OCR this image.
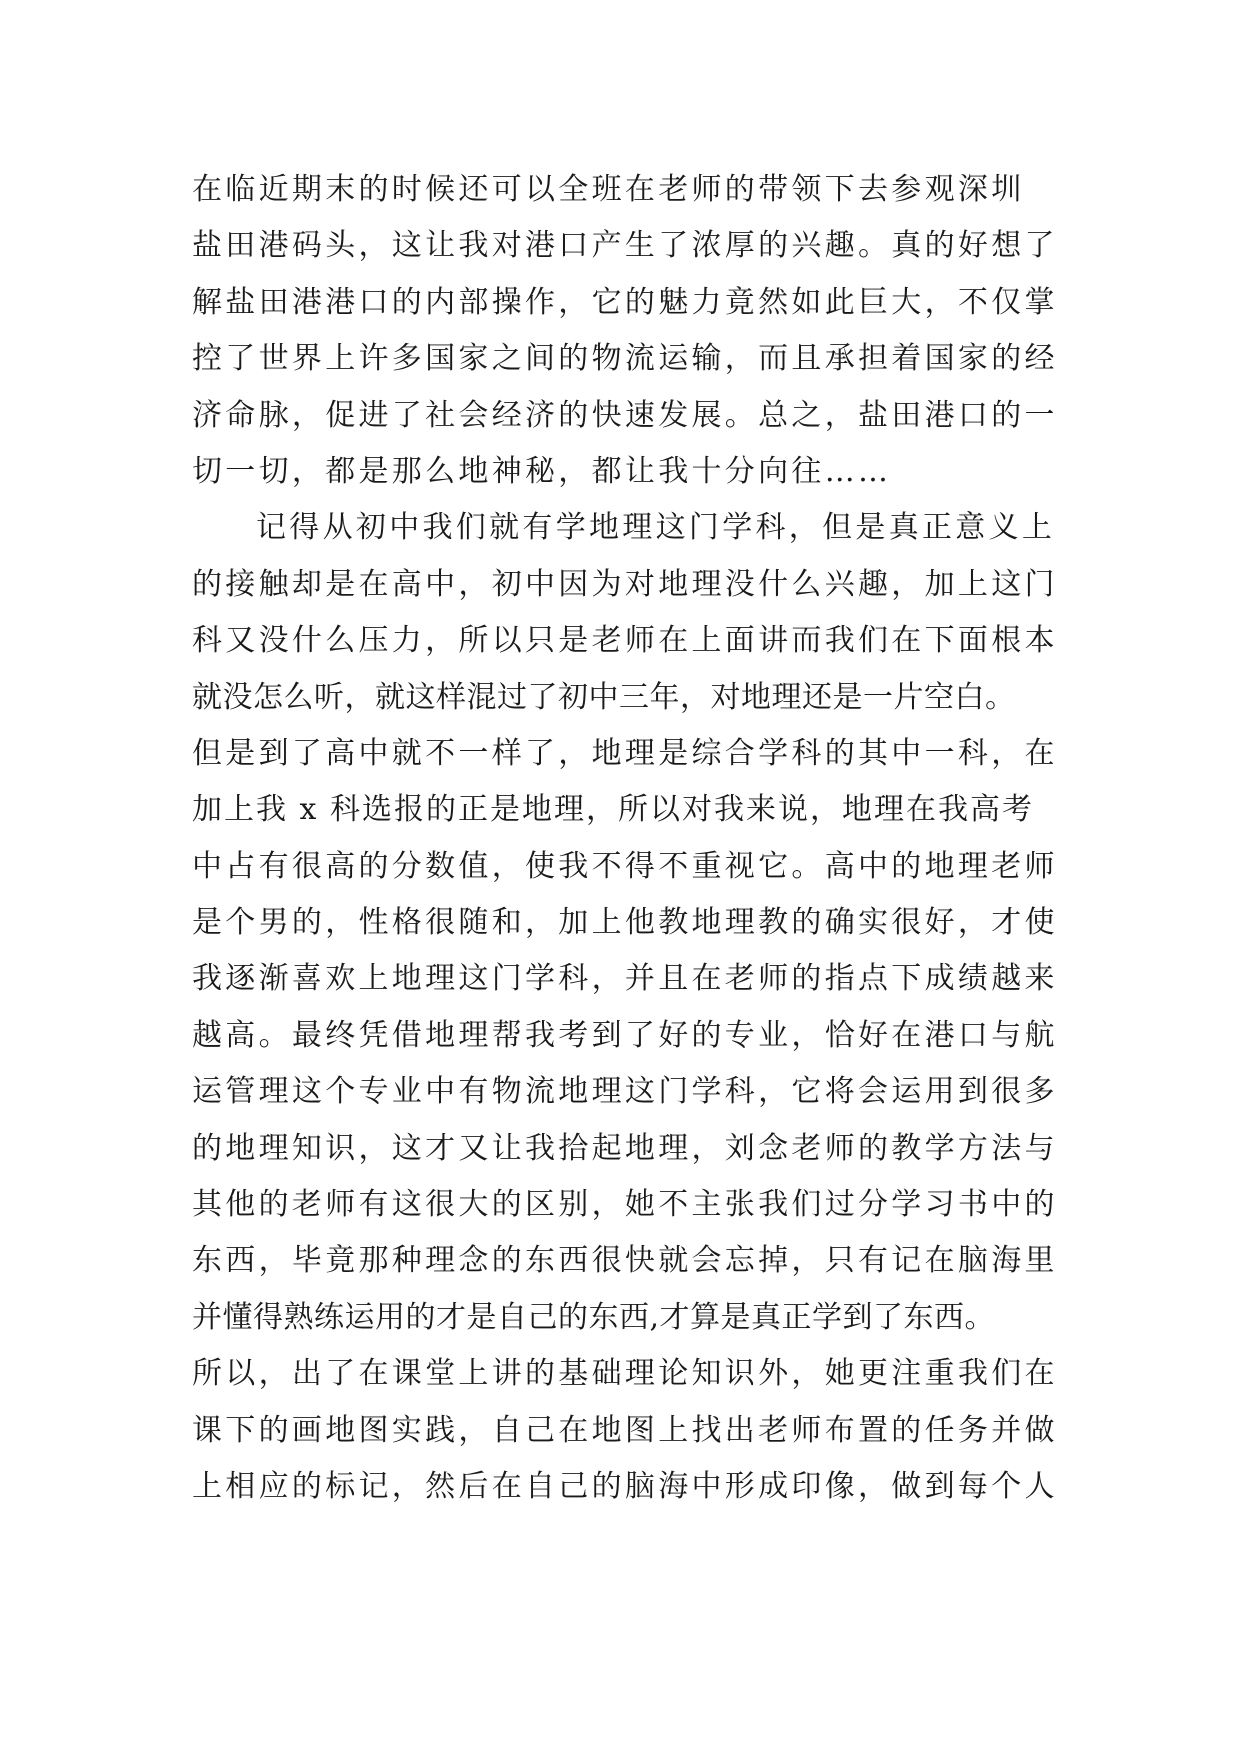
在临近期末的时候还可以全班在老师的带领下去参观深圳
盐田港码头，这让我对港口产生了浓厚的兴趣。真的好想了
解盐田港港口的内部操作，它的魅力竟然如此巨大，不仅掌
控了世界上许多国家之间的物流运输，而且承担着国家的经
济命脉，促进了社会经济的快速发展。总之，盐田港口的一
切一切，都是那么地神秘，都让我十分向往……
记得从初中我们就有学地理这门学科，但是真正意义上
的接触却是在高中，初中因为对地理没什么兴趣，加上这门
科又没什么压力，所以只是老师在上面讲而我们在下面根本
就没怎么听，就这样混过了初中三年，对地理还是一片空白。
但是到了高中就不一样了，地理是综合学科的其中一科，在
加上我 x 科选报的正是地理，所以对我来说，地理在我高考
中占有很高的分数值，使我不得不重视它。高中的地理老师
是个男的，性格很随和，加上他教地理教的确实很好，才使
我逐渐喜欢上地理这门学科，并且在老师的指点下成绩越来
越高。最终凭借地理帮我考到了好的专业，恰好在港口与航
运管理这个专业中有物流地理这门学科，它将会运用到很多
的地理知识，这才又让我拾起地理，刘念老师的教学方法与
其他的老师有这很大的区别，她不主张我们过分学习书中的
东西，毕竟那种理念的东西很快就会忘掉，只有记在脑海里
并懂得熟练运用的才是自己的东西,才算是真正学到了东西。
所以，出了在课堂上讲的基础理论知识外，她更注重我们在
课下的画地图实践，自己在地图上找出老师布置的任务并做
上相应的标记，然后在自己的脑海中形成印像，做到每个人
